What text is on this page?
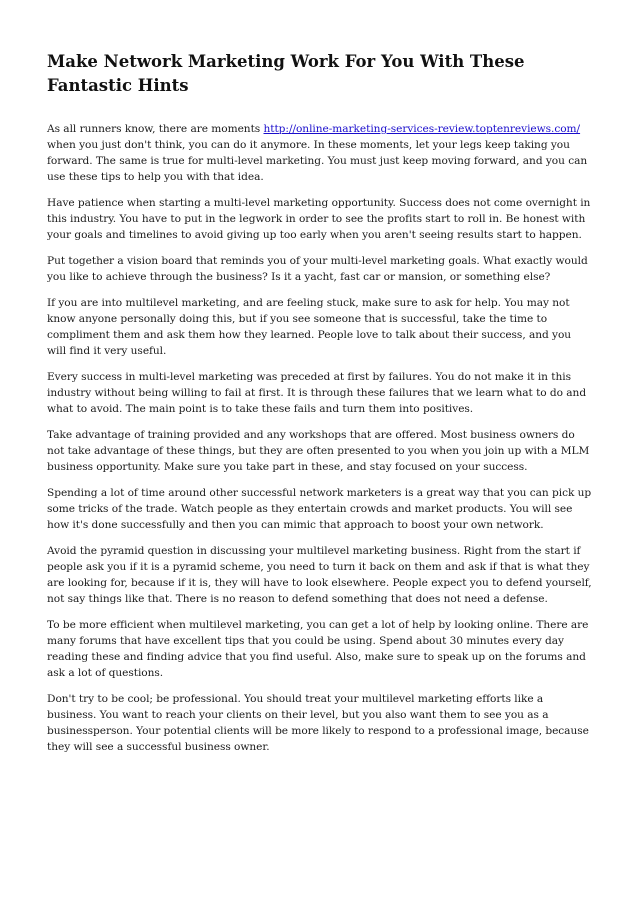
Make Network Marketing Work For You With These Fantastic Hints

As all runners know, there are moments http://online-marketing-services-review.toptenreviews.com/ when you just don't think, you can do it anymore. In these moments, let your legs keep taking you forward. The same is true for multi-level marketing. You must just keep moving forward, and you can use these tips to help you with that idea.

Have patience when starting a multi-level marketing opportunity. Success does not come overnight in this industry. You have to put in the legwork in order to see the profits start to roll in. Be honest with your goals and timelines to avoid giving up too early when you aren't seeing results start to happen.

Put together a vision board that reminds you of your multi-level marketing goals. What exactly would you like to achieve through the business? Is it a yacht, fast car or mansion, or something else?

If you are into multilevel marketing, and are feeling stuck, make sure to ask for help. You may not know anyone personally doing this, but if you see someone that is successful, take the time to compliment them and ask them how they learned. People love to talk about their success, and you will find it very useful.

Every success in multi-level marketing was preceded at first by failures. You do not make it in this industry without being willing to fail at first. It is through these failures that we learn what to do and what to avoid. The main point is to take these fails and turn them into positives.

Take advantage of training provided and any workshops that are offered. Most business owners do not take advantage of these things, but they are often presented to you when you join up with a MLM business opportunity. Make sure you take part in these, and stay focused on your success.

Spending a lot of time around other successful network marketers is a great way that you can pick up some tricks of the trade. Watch people as they entertain crowds and market products. You will see how it's done successfully and then you can mimic that approach to boost your own network.

Avoid the pyramid question in discussing your multilevel marketing business. Right from the start if people ask you if it is a pyramid scheme, you need to turn it back on them and ask if that is what they are looking for, because if it is, they will have to look elsewhere. People expect you to defend yourself, not say things like that. There is no reason to defend something that does not need a defense.

To be more efficient when multilevel marketing, you can get a lot of help by looking online. There are many forums that have excellent tips that you could be using. Spend about 30 minutes every day reading these and finding advice that you find useful. Also, make sure to speak up on the forums and ask a lot of questions.

Don't try to be cool; be professional. You should treat your multilevel marketing efforts like a business. You want to reach your clients on their level, but you also want them to see you as a businessperson. Your potential clients will be more likely to respond to a professional image, because they will see a successful business owner.
